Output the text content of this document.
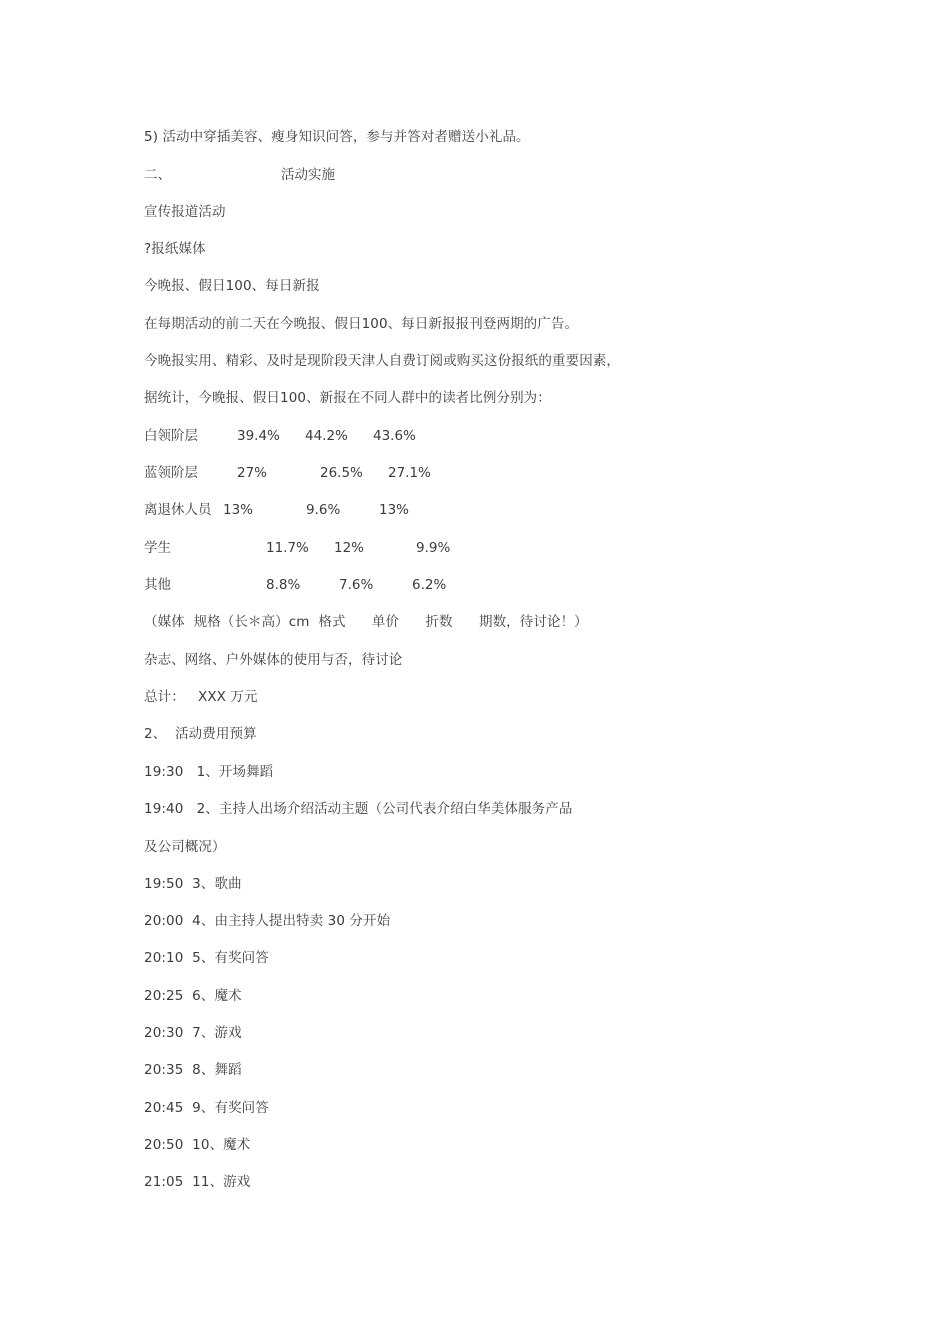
5) 活动中穿插美容、瘦身知识问答，参与并答对者赠送小礼品。
二、	活动实施
宣传报道活动
?报纸媒体
今晚报、假日100、每日新报
在每期活动的前二天在今晚报、假日100、每日新报报刊登两期的广告。
今晚报实用、精彩、及时是现阶段天津人自费订阅或购买这份报纸的重要因素，
据统计，今晚报、假日100、新报在不同人群中的读者比例分别为：
白领阶层	39.4% 44.2% 43.6%
蓝领阶层	27%	26.5% 27.1%
离退休人员 13%	9.6%	13%
学生	11.7% 12%	9.9%
其他	8.8%	7.6%	6.2%
（媒体  规格（长＊高）cm  格式      单价      折数      期数，待讨论！）
杂志、网络、户外媒体的使用与否，待讨论
总计：   XXX 万元
2、  活动费用预算
19:30   1、开场舞蹈
19:40   2、主持人出场介绍活动主题（公司代表介绍白华美体服务产品
及公司概况）
19:50  3、歌曲
20:00  4、由主持人提出特卖 30 分开始
20:10  5、有奖问答
20:25  6、魔术
20:30  7、游戏
20:35  8、舞蹈
20:45  9、有奖问答
20:50  10、魔术
21:05  11、游戏
